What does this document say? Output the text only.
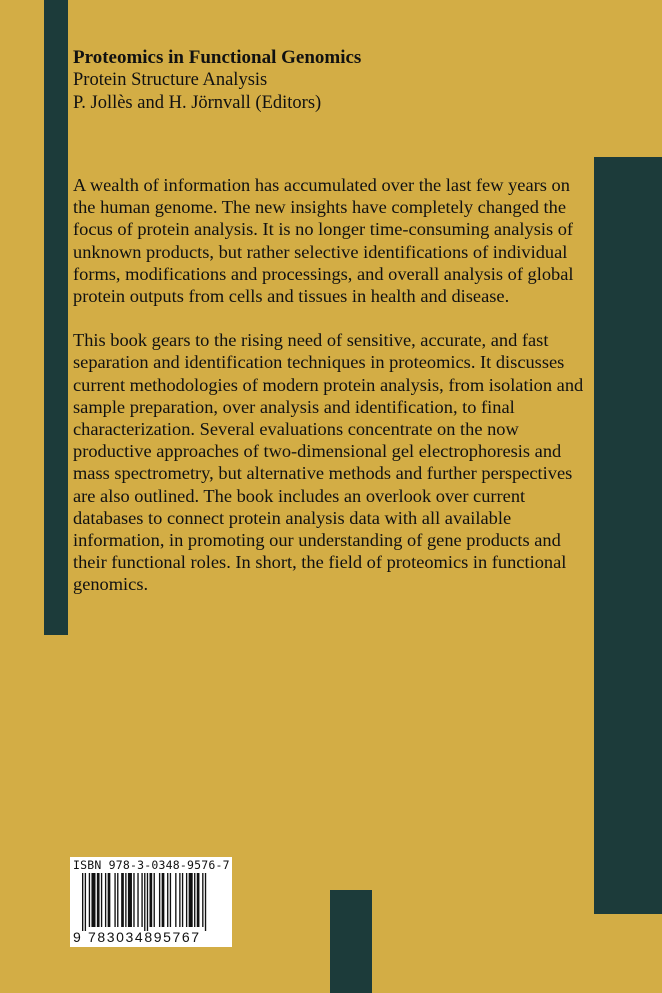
Proteomics in Functional Genomics

Protein Structure Analysis

P. Jollès and H. Jörnvall (Editors)

A wealth of information has accumulated over the last few years on the human genome. The new insights have completely changed the focus of protein analysis. It is no longer time-consuming analysis of unknown products, but rather selective identifications of individual forms, modifications and processings, and overall analysis of global protein outputs from cells and tissues in health and disease.

This book gears to the rising need of sensitive, accurate, and fast separation and identification techniques in proteomics. It discusses current methodologies of modern protein analysis, from isolation and sample preparation, over analysis and identification, to final characterization. Several evaluations concentrate on the now productive approaches of two-dimensional gel electrophoresis and mass spectrometry, but alternative methods and further perspectives are also outlined. The book includes an overlook over current databases to connect protein analysis data with all available information, in promoting our understanding of gene products and their functional roles. In short, the field of proteomics in functional genomics.

ISBN 978-3-0348-9576-7
9 783034895767
